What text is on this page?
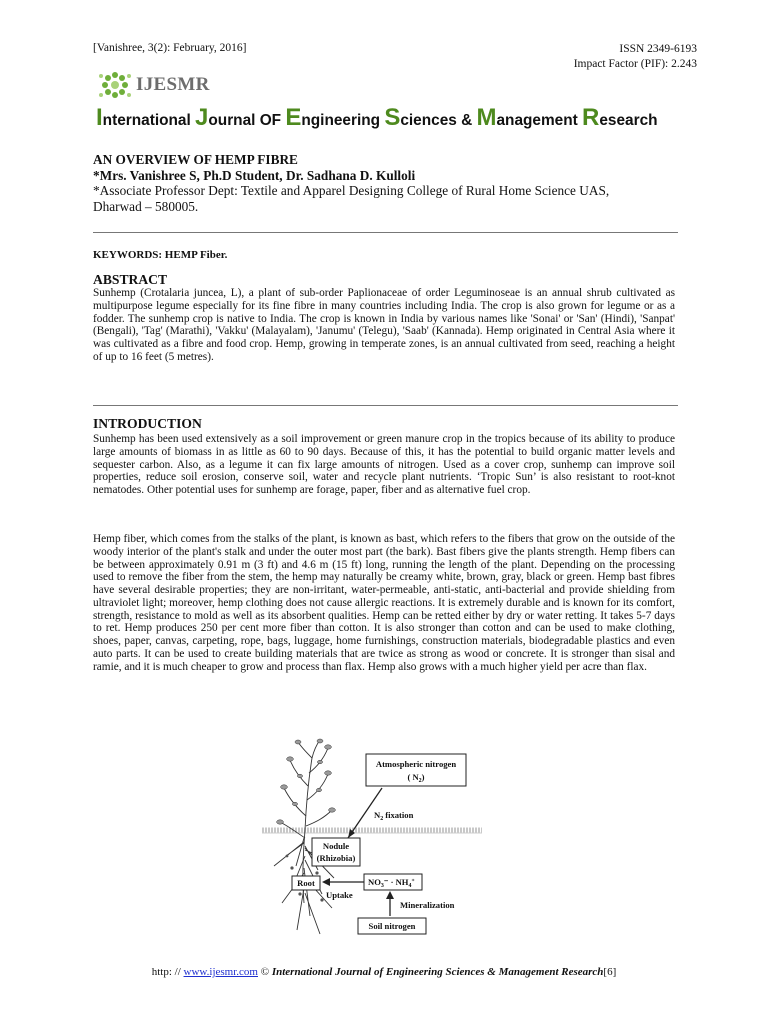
[Vanishree, 3(2): February, 2016]	ISSN 2349-6193
Impact Factor (PIF): 2.243
IJESMR
International Journal OF Engineering Sciences & Management Research
AN OVERVIEW OF HEMP FIBRE
*Mrs. Vanishree S, Ph.D Student, Dr. Sadhana D. Kulloli
*Associate Professor Dept: Textile and Apparel Designing College of Rural Home Science UAS,
Dharwad – 580005.
KEYWORDS: HEMP Fiber.
ABSTRACT
Sunhemp (Crotalaria juncea, L), a plant of sub-order Paplionaceae of order Leguminoseae is an annual shrub cultivated as multipurpose legume especially for its fine fibre in many countries including India. The crop is also grown for legume or as a fodder. The sunhemp crop is native to India. The crop is known in India by various names like 'Sonai' or 'San' (Hindi), 'Sanpat' (Bengali), 'Tag' (Marathi), 'Vakku' (Malayalam), 'Janumu' (Telegu), 'Saab' (Kannada). Hemp originated in Central Asia where it was cultivated as a fibre and food crop. Hemp, growing in temperate zones, is an annual cultivated from seed, reaching a height of up to 16 feet (5 metres).
INTRODUCTION
Sunhemp has been used extensively as a soil improvement or green manure crop in the tropics because of its ability to produce large amounts of biomass in as little as 60 to 90 days. Because of this, it has the potential to build organic matter levels and sequester carbon. Also, as a legume it can fix large amounts of nitrogen. Used as a cover crop, sunhemp can improve soil properties, reduce soil erosion, conserve soil, water and recycle plant nutrients. ‘Tropic Sun’ is also resistant to root-knot nematodes. Other potential uses for sunhemp are forage, paper, fiber and as alternative fuel crop.
Hemp fiber, which comes from the stalks of the plant, is known as bast, which refers to the fibers that grow on the outside of the woody interior of the plant's stalk and under the outer most part (the bark). Bast fibers give the plants strength. Hemp fibers can be between approximately 0.91 m (3 ft) and 4.6 m (15 ft) long, running the length of the plant. Depending on the processing used to remove the fiber from the stem, the hemp may naturally be creamy white, brown, gray, black or green. Hemp bast fibres have several desirable properties; they are non-irritant, water-permeable, anti-static, anti-bacterial and provide shielding from ultraviolet light; moreover, hemp clothing does not cause allergic reactions. It is extremely durable and is known for its comfort, strength, resistance to mold as well as its absorbent qualities. Hemp can be retted either by dry or water retting. It takes 5-7 days to ret. Hemp produces 250 per cent more fiber than cotton. It is also stronger than cotton and can be used to make clothing, shoes, paper, canvas, carpeting, rope, bags, luggage, home furnishings, construction materials, biodegradable plastics and even auto parts. It can be used to create building materials that are twice as strong as wood or concrete. It is stronger than sisal and ramie, and it is much cheaper to grow and process than flax. Hemp also grows with a much higher yield per acre than flax.
Atmospheric nitrogen
( $N_2$)
$N_2$ fixation
Nodule
(Rhizobia)
Root	$NO_3^- \cdot NH_4^{^+}$
Uptake
Mineralization
Soil nitrogen
http: // www.ijesmr.com © International Journal of Engineering Sciences & Management Research[6]
